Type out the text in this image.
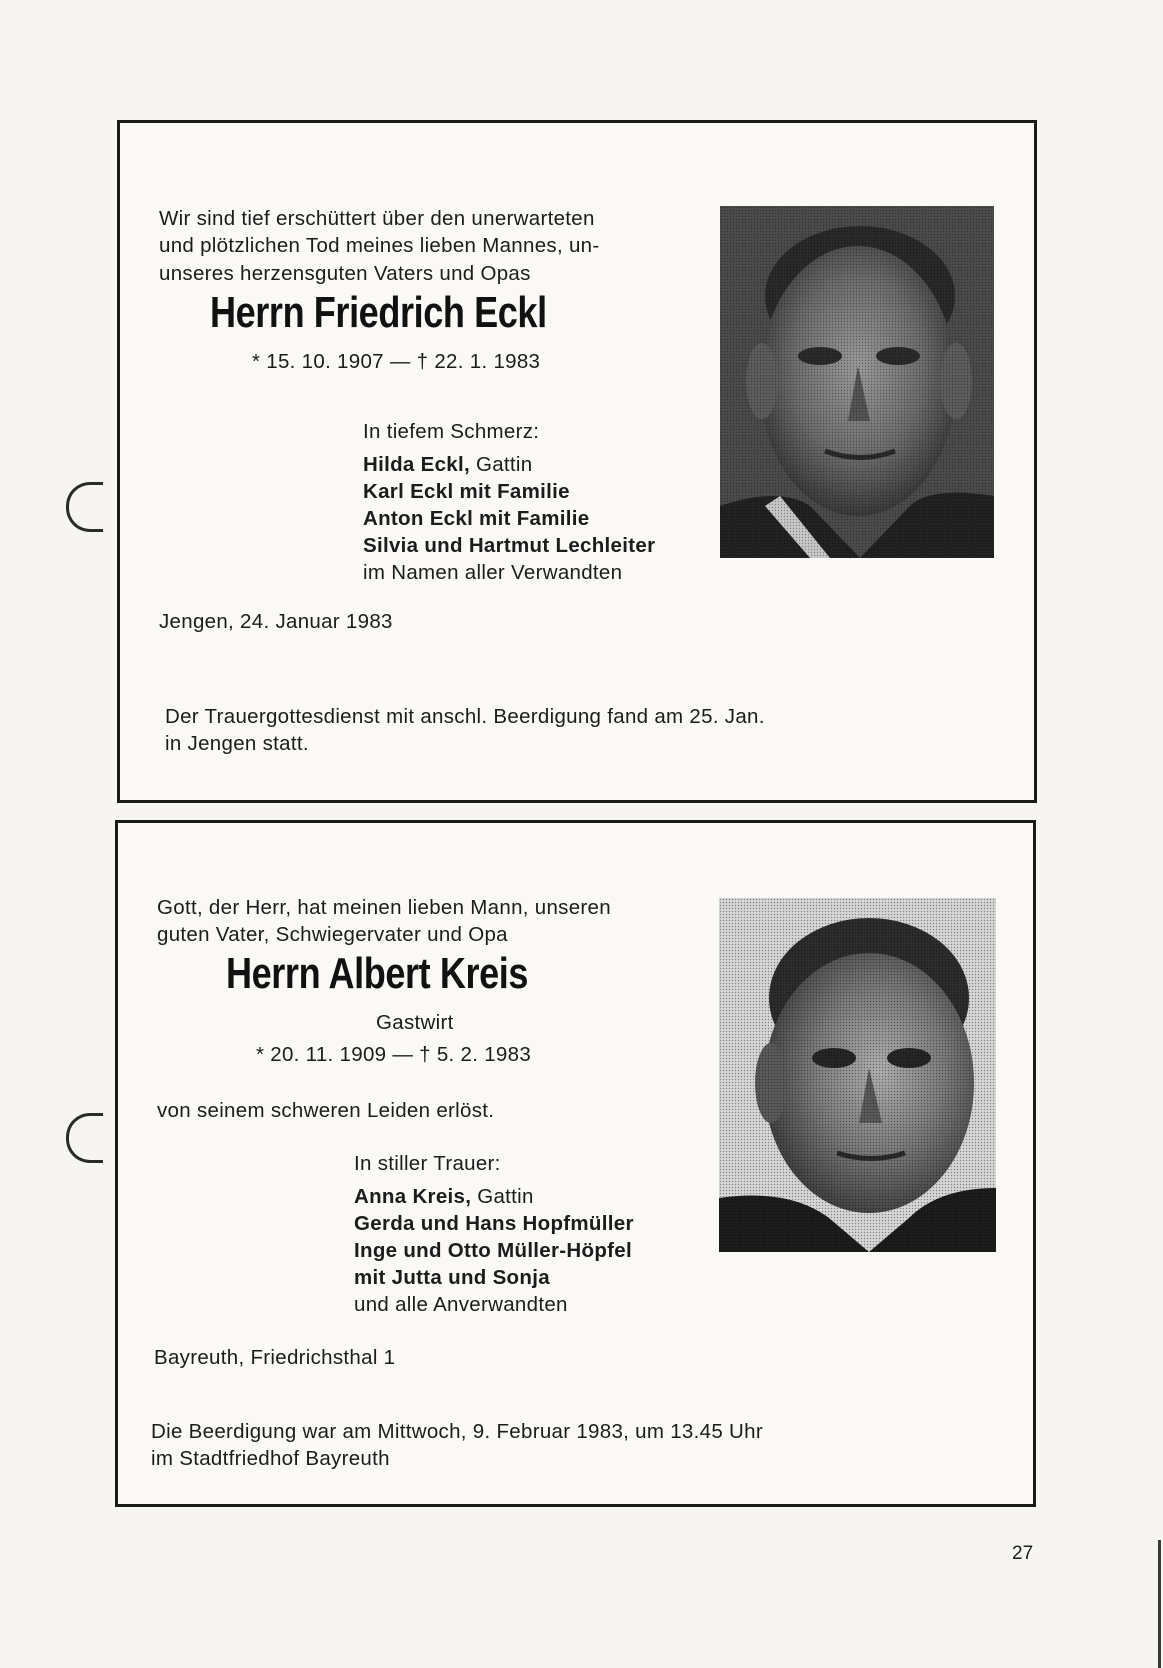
Wir sind tief erschüttert über den unerwarteten
und plötzlichen Tod meines lieben Mannes, un-
unseres herzensguten Vaters und Opas
Herrn Friedrich Eckl
* 15. 10. 1907 — † 22. 1. 1983
In tiefem Schmerz:
Hilda Eckl, Gattin
Karl Eckl mit Familie
Anton Eckl mit Familie
Silvia und Hartmut Lechleiter
im Namen aller Verwandten
Jengen, 24. Januar 1983
Der Trauergottesdienst mit anschl. Beerdigung fand am 25. Jan.
in Jengen statt.
Gott, der Herr, hat meinen lieben Mann, unseren
guten Vater, Schwiegervater und Opa
Herrn Albert Kreis
Gastwirt
* 20. 11. 1909 — † 5. 2. 1983
von seinem schweren Leiden erlöst.
In stiller Trauer:
Anna Kreis, Gattin
Gerda und Hans Hopfmüller
Inge und Otto Müller-Höpfel
mit Jutta und Sonja
und alle Anverwandten
Bayreuth, Friedrichsthal 1
Die Beerdigung war am Mittwoch, 9. Februar 1983, um 13.45 Uhr
im Stadtfriedhof Bayreuth
27
